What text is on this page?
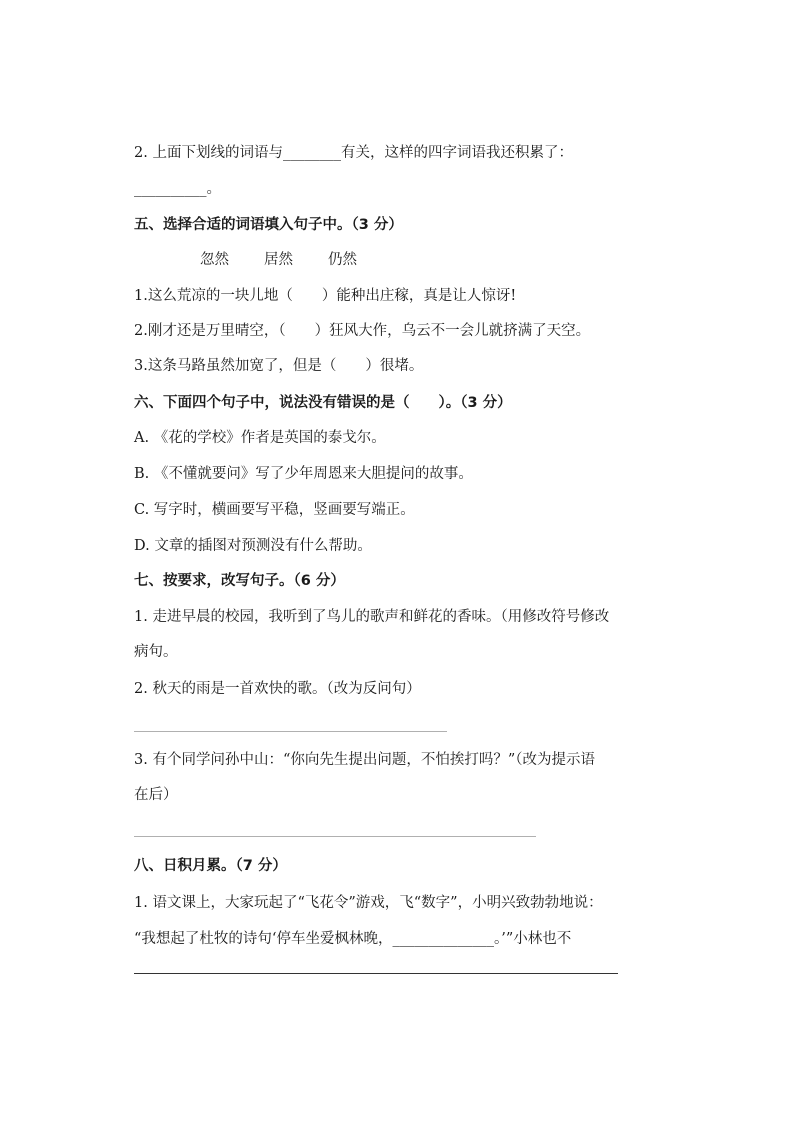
2. 上面下划线的词语与________有关，这样的四字词语我还积累了：
__________。
五、选择合适的词语填入句子中。（3 分）
忽然 居然 仍然
1.这么荒凉的一块儿地（　　）能种出庄稼，真是让人惊讶!
2.刚才还是万里晴空，（　　）狂风大作，乌云不一会儿就挤满了天空。
3.这条马路虽然加宽了，但是（　　）很堵。
六、下面四个句子中，说法没有错误的是（　　）。（3 分）
A. 《花的学校》作者是英国的泰戈尔。
B. 《不懂就要问》写了少年周恩来大胆提问的故事。
C. 写字时，横画要写平稳，竖画要写端正。
D. 文章的插图对预测没有什么帮助。
七、按要求，改写句子。（6 分）
1. 走进早晨的校园，我听到了鸟儿的歌声和鲜花的香味。（用修改符号修改
病句。
2. 秋天的雨是一首欢快的歌。（改为反问句）
3. 有个同学问孙中山：“你向先生提出问题，不怕挨打吗？”（改为提示语
在后）
八、日积月累。（7 分）
1. 语文课上，大家玩起了“飞花令”游戏，飞“数字”，小明兴致勃勃地说：
“我想起了杜牧的诗句‘停车坐爱枫林晚，______________。’”小林也不
